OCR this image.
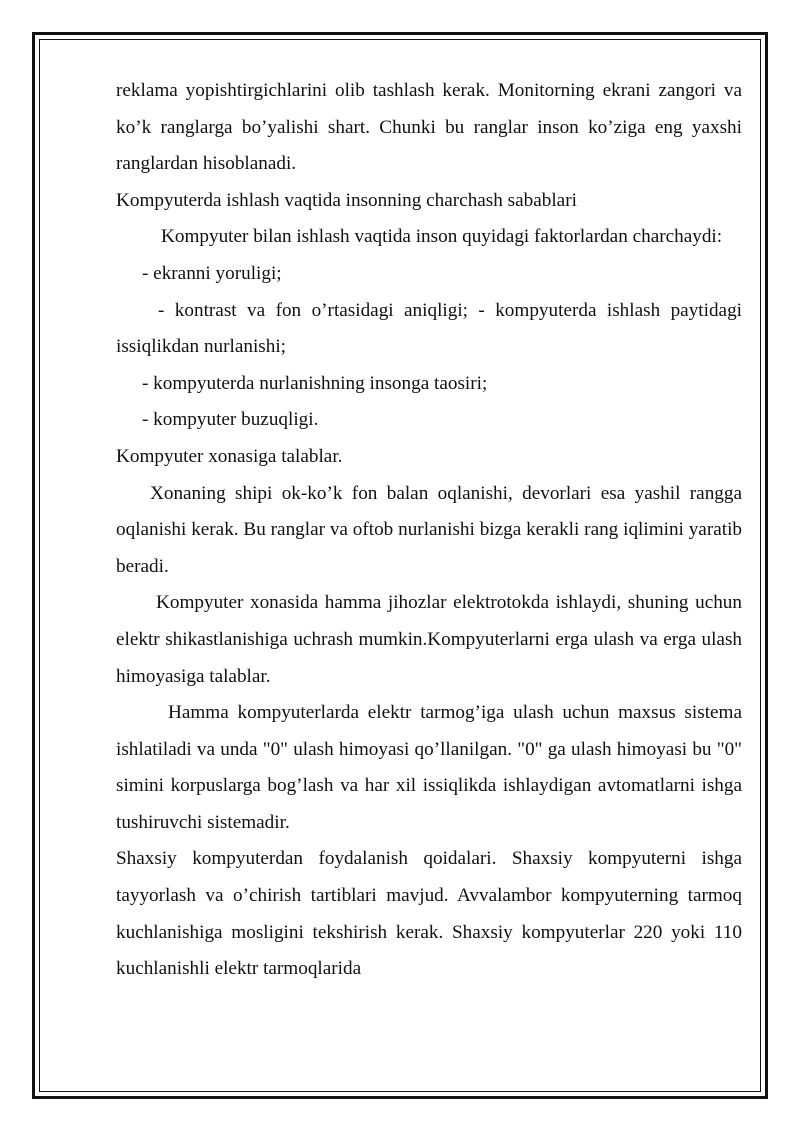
reklama yopishtirgichlarini olib tashlash kerak. Monitorning ekrani zangori va ko’k ranglarga bo’yalishi shart. Chunki bu ranglar inson ko’ziga eng yaxshi ranglardan hisoblanadi.

Kompyuterda ishlash vaqtida insonning charchash sabablari

Kompyuter bilan ishlash vaqtida inson quyidagi faktorlardan charchaydi:

- ekranni yoruligi;

- kontrast va fon o’rtasidagi aniqligi; - kompyuterda ishlash paytidagi issiqlikdan nurlanishi;

- kompyuterda nurlanishning insonga taosiri;

- kompyuter buzuqligi.

Kompyuter xonasiga talablar.

Xonaning shipi ok-ko’k fon balan oqlanishi, devorlari esa yashil rangga oqlanishi kerak. Bu ranglar va oftob nurlanishi bizga kerakli rang iqlimini yaratib beradi.

Kompyuter xonasida hamma jihozlar elektrotokda ishlaydi, shuning uchun elektr shikastlanishiga uchrash mumkin.Kompyuterlarni erga ulash va erga ulash himoyasiga talablar.

Hamma kompyuterlarda elektr tarmog’iga ulash uchun maxsus sistema ishlatiladi va unda "0" ulash himoyasi qo’llanilgan. "0" ga ulash himoyasi bu "0" simini korpuslarga bog’lash va har xil issiqlikda ishlaydigan avtomatlarni ishga tushiruvchi sistemadir.

Shaxsiy kompyuterdan foydalanish qoidalari. Shaxsiy kompyuterni ishga tayyorlash va o’chirish tartiblari mavjud. Avvalambor kompyuterning tarmoq kuchlanishiga mosligini tekshirish kerak. Shaxsiy kompyuterlar 220 yoki 110 kuchlanishli elektr tarmoqlarida
